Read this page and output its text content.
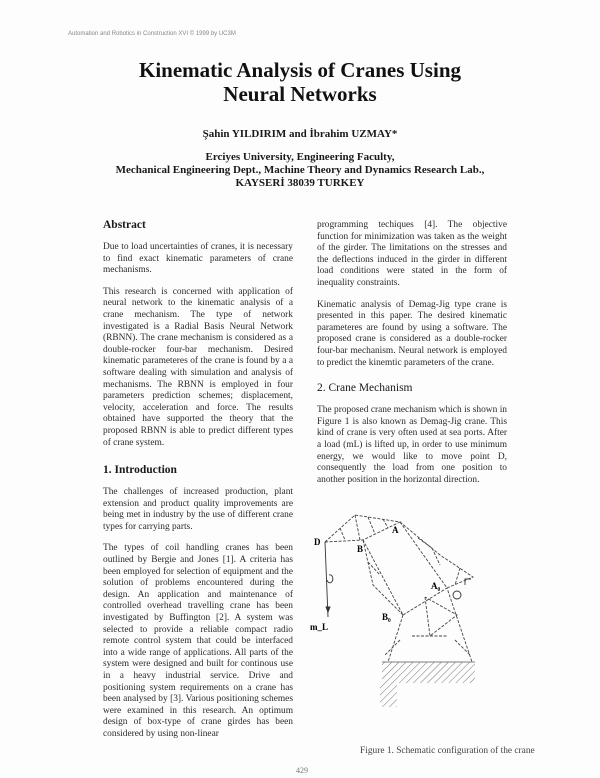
Automation and Robotics in Construction XVI © 1999 by UC3M
Kinematic Analysis of Cranes Using
Neural Networks
Şahin YILDIRIM and İbrahim UZMAY*
Erciyes University, Engineering Faculty,
Mechanical Engineering Dept., Machine Theory and Dynamics Research Lab.,
KAYSERİ 38039 TURKEY
Abstract
Due to load uncertainties of cranes, it is necessary to find exact kinematic parameters of crane mechanisms.
This research is concerned with application of neural network to the kinematic analysis of a crane mechanism. The type of network investigated is a Radial Basis Neural Network (RBNN). The crane mechanism is considered as a double-rocker four-bar mechanism. Desired kinematic parameteres of the crane is found by a a software dealing with simulation and analysis of mechanisms. The RBNN is employed in four parameters prediction schemes; displacement, velocity, acceleration and force. The results obtained have supported the theory that the proposed RBNN is able to predict different types of crane system.
1. Introduction
The challenges of increased production, plant extension and product quality improvements are being met in industry by the use of different crane types for carrying parts.
The types of coil handling cranes has been outlined by Bergie and Jones [1]. A criteria has been employed for selection of equipment and the solution of problems encountered during the design. An application and maintenance of controlled overhead travelling crane has been investigated by Buffington [2]. A system was selected to provide a reliable compact radio remote control system that could be interfaced into a wide range of applications. All parts of the system were designed and built for continous use in a heavy industrial service. Drive and positioning system requirements on a crane has been analysed by [3]. Various positioning schemes were examined in this research. An optimum design of box-type of crane girdes has been considered by using non-linear
programming techiques [4]. The objective function for minimization was taken as the weight of the girder. The limitations on the stresses and the deflections induced in the girder in different load conditions were stated in the form of inequality constraints.
Kinematic analysis of Demag-Jig type crane is presented in this paper. The desired kinematic parameteres are found by using a software. The proposed crane is considered as a double-rocker four-bar mechanism. Neural network is employed to predict the kinemtic parameters of the crane.
2. Crane Mechanism
The proposed crane mechanism which is shown in Figure 1 is also known as Demag-Jig crane. This kind of crane is very often used at sea ports. After a load (mL) is lifted up, in order to use minimum energy, we would like to move point D, consequently the load from one position to another position in the horizontal direction.
D
B
A
A₀
B₀
m_L
Figure 1. Schematic configuration of the crane
429
